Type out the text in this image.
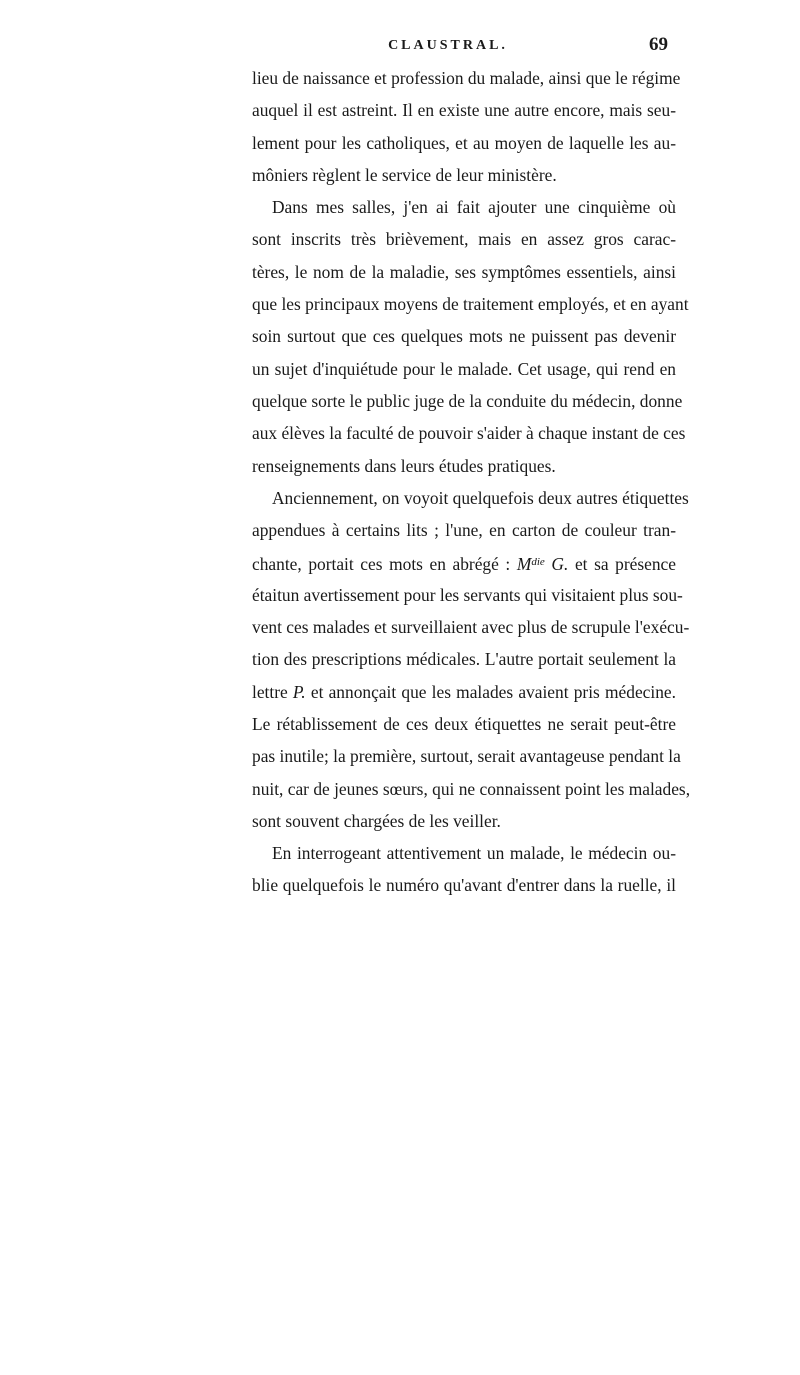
CLAUSTRAL.	69
lieu de naissance et profession du malade, ainsi que le régime
auquel il est astreint. Il en existe une autre encore, mais seu-
lement pour les catholiques, et au moyen de laquelle les au-
môniers règlent le service de leur ministère.
Dans mes salles, j'en ai fait ajouter une cinquième où
sont inscrits très brièvement, mais en assez gros carac-
tères, le nom de la maladie, ses symptômes essentiels, ainsi
que les principaux moyens de traitement employés, et en ayant
soin surtout que ces quelques mots ne puissent pas devenir
un sujet d'inquiétude pour le malade. Cet usage, qui rend en
quelque sorte le public juge de la conduite du médecin, donne
aux élèves la faculté de pouvoir s'aider à chaque instant de ces
renseignements dans leurs études pratiques.
Anciennement, on voyoit quelquefois deux autres étiquettes
appendues à certains lits ; l'une, en carton de couleur tran-
chante, portait ces mots en abrégé : $M^{die}$ G. et sa présence
étaitun avertissement pour les servants qui visitaient plus sou-
vent ces malades et surveillaient avec plus de scrupule l'exécu-
tion des prescriptions médicales. L'autre portait seulement la
lettre P. et annonçait que les malades avaient pris médecine.
Le rétablissement de ces deux étiquettes ne serait peut-être
pas inutile; la première, surtout, serait avantageuse pendant la
nuit, car de jeunes sœurs, qui ne connaissent point les malades,
sont souvent chargées de les veiller.
En interrogeant attentivement un malade, le médecin ou-
blie quelquefois le numéro qu'avant d'entrer dans la ruelle, il
